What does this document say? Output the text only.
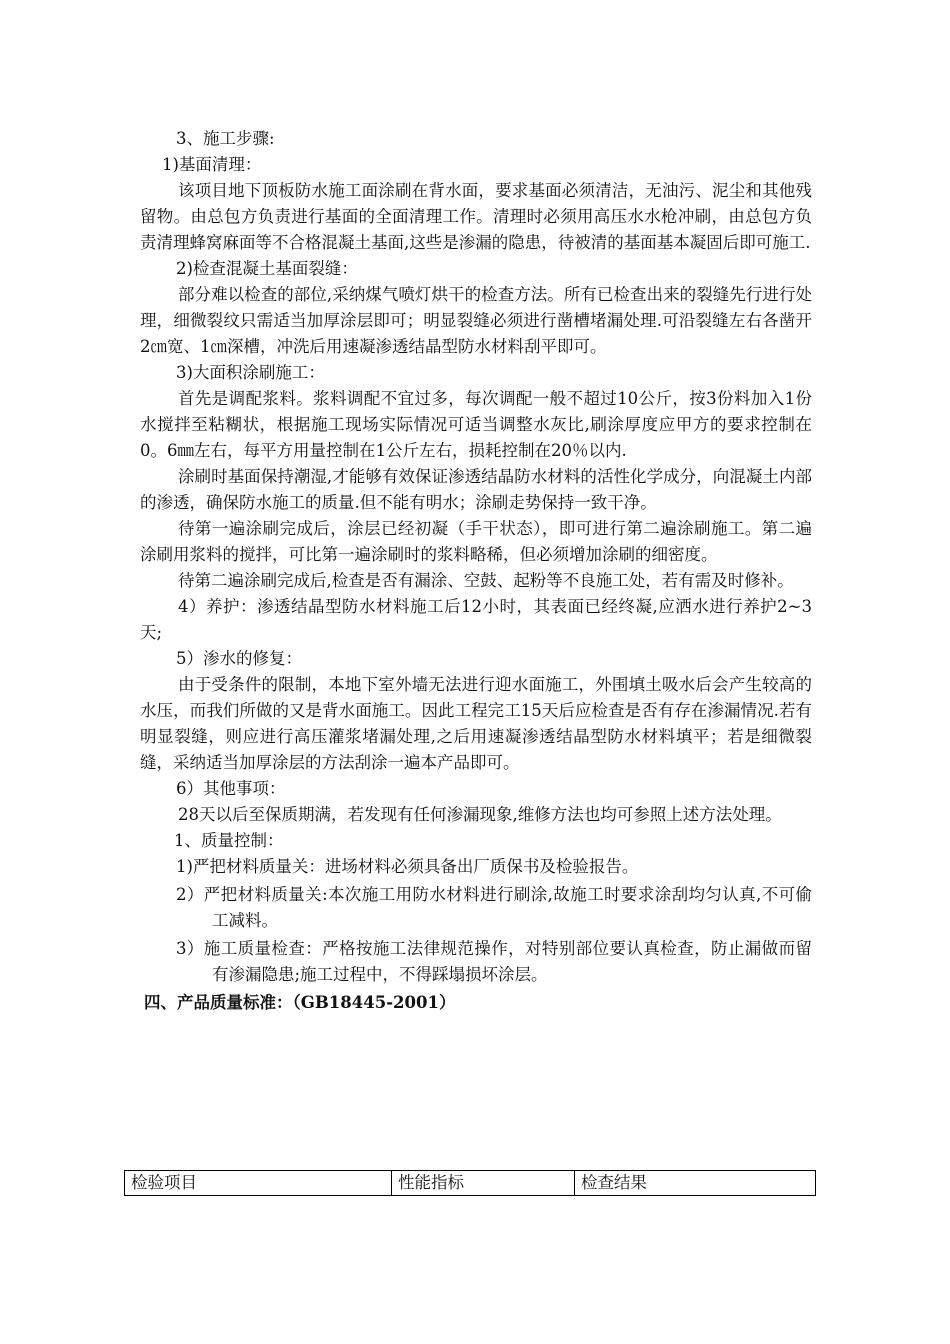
3、施工步骤:

1)基面清理：

该项目地下顶板防水施工面涂刷在背水面，要求基面必须清洁，无油污、泥尘和其他残留物。由总包方负责进行基面的全面清理工作。清理时必须用高压水水枪冲刷，由总包方负责清理蜂窝麻面等不合格混凝土基面,这些是渗漏的隐患，待被清的基面基本凝固后即可施工.

2)检查混凝土基面裂缝：

部分难以检查的部位,采纳煤气喷灯烘干的检查方法。所有已检查出来的裂缝先行进行处理，细微裂纹只需适当加厚涂层即可；明显裂缝必须进行凿槽堵漏处理.可沿裂缝左右各凿开2㎝宽、1㎝深槽，冲洗后用速凝渗透结晶型防水材料刮平即可。

3)大面积涂刷施工：

首先是调配浆料。浆料调配不宜过多，每次调配一般不超过10公斤，按3份料加入1份水搅拌至粘糊状，根据施工现场实际情况可适当调整水灰比,刷涂厚度应甲方的要求控制在0。6㎜左右，每平方用量控制在1公斤左右，损耗控制在20％以内.

涂刷时基面保持潮湿,才能够有效保证渗透结晶防水材料的活性化学成分，向混凝土内部的渗透，确保防水施工的质量.但不能有明水；涂刷走势保持一致干净。

待第一遍涂刷完成后，涂层已经初凝（手干状态），即可进行第二遍涂刷施工。第二遍涂刷用浆料的搅拌，可比第一遍涂刷时的浆料略稀，但必须增加涂刷的细密度。

待第二遍涂刷完成后,检查是否有漏涂、空鼓、起粉等不良施工处，若有需及时修补。

4）养护：渗透结晶型防水材料施工后12小时，其表面已经终凝,应洒水进行养护2~3天;

5）渗水的修复：

由于受条件的限制，本地下室外墙无法进行迎水面施工，外围填土吸水后会产生较高的水压，而我们所做的又是背水面施工。因此工程完工15天后应检查是否有存在渗漏情况.若有明显裂缝，则应进行高压灌浆堵漏处理,之后用速凝渗透结晶型防水材料填平；若是细微裂缝，采纳适当加厚涂层的方法刮涂一遍本产品即可。

6）其他事项：

28天以后至保质期满，若发现有任何渗漏现象,维修方法也均可参照上述方法处理。

1、质量控制：

1)严把材料质量关：进场材料必须具备出厂质保书及检验报告。

2）严把材料质量关:本次施工用防水材料进行刷涂,故施工时要求涂刮均匀认真,不可偷工减料。

3）施工质量检查：严格按施工法律规范操作，对特别部位要认真检查，防止漏做而留有渗漏隐患;施工过程中，不得踩塌损坏涂层。

四、产品质量标准：（GB18445-2001）

检验项目	性能指标	检查结果
